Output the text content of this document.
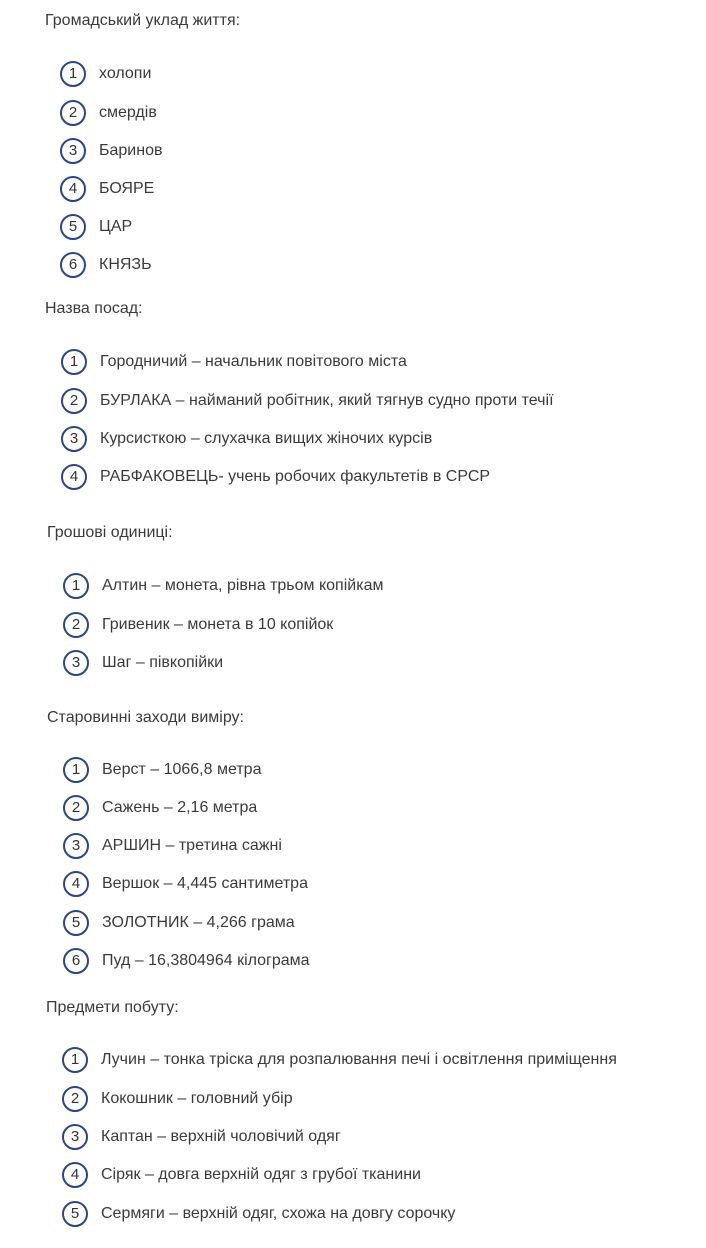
Громадський уклад життя:
1	холопи
2	смердів
3	Баринов
4	БОЯРЕ
5	ЦАР
6	КНЯЗЬ
Назва посад:
1	Городничий – начальник повітового міста
2	БУРЛАКА – найманий робітник, який тягнув судно проти течії
3	Курсисткою – слухачка вищих жіночих курсів
4	РАБФАКОВЕЦЬ- учень робочих факультетів в СРСР
Грошові одиниці:
1	Алтин – монета, рівна трьом копійкам
2	Гривеник – монета в 10 копійок
3	Шаг – півкопійки
Старовинні заходи виміру:
1	Верст – 1066,8 метра
2	Сажень – 2,16 метра
3	АРШИН – третина сажні
4	Вершок – 4,445 сантиметра
5	ЗОЛОТНИК – 4,266 грама
6	Пуд – 16,3804964 кілограма
Предмети побуту:
1	Лучин – тонка тріска для розпалювання печі і освітлення приміщення
2	Кокошник – головний убір
3	Каптан – верхній чоловічий одяг
4	Сіряк – довга верхній одяг з грубої тканини
5	Сермяги – верхній одяг, схожа на довгу сорочку
